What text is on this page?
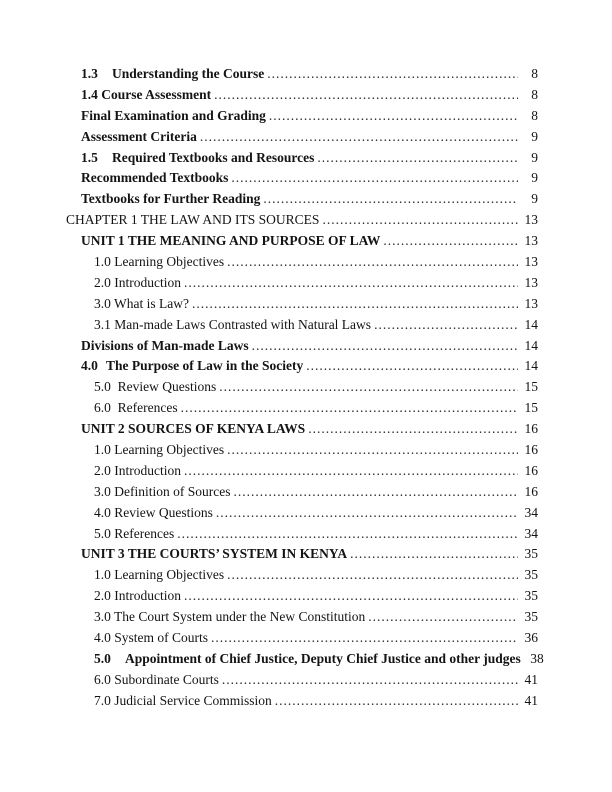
1.3 Understanding the Course .....	8
1.4 Course Assessment .....	8
Final Examination and Grading .....	8
Assessment Criteria .....	9
1.5 Required Textbooks and Resources .....	9
Recommended Textbooks .....	9
Textbooks for Further Reading .....	9
CHAPTER 1 THE LAW AND ITS SOURCES .....	13
UNIT 1 THE MEANING AND PURPOSE OF LAW .....	13
1.0 Learning Objectives .....	13
2.0 Introduction .....	13
3.0 What is Law? .....	13
3.1 Man-made Laws Contrasted with Natural Laws .....	14
Divisions of Man-made Laws .....	14
4.0 The Purpose of Law in the Society .....	14
5.0  Review Questions .....	15
6.0  References .....	15
UNIT 2 SOURCES OF KENYA LAWS .....	16
1.0 Learning Objectives .....	16
2.0 Introduction .....	16
3.0 Definition of Sources .....	16
4.0 Review Questions .....	34
5.0 References .....	34
UNIT 3 THE COURTS’ SYSTEM IN KENYA .....	35
1.0 Learning Objectives .....	35
2.0 Introduction .....	35
3.0 The Court System under the New Constitution .....	35
4.0 System of Courts .....	36
5.0 Appointment of Chief Justice, Deputy Chief Justice and other judges ..... 38
6.0 Subordinate Courts .....	41
7.0 Judicial Service Commission .....	41
